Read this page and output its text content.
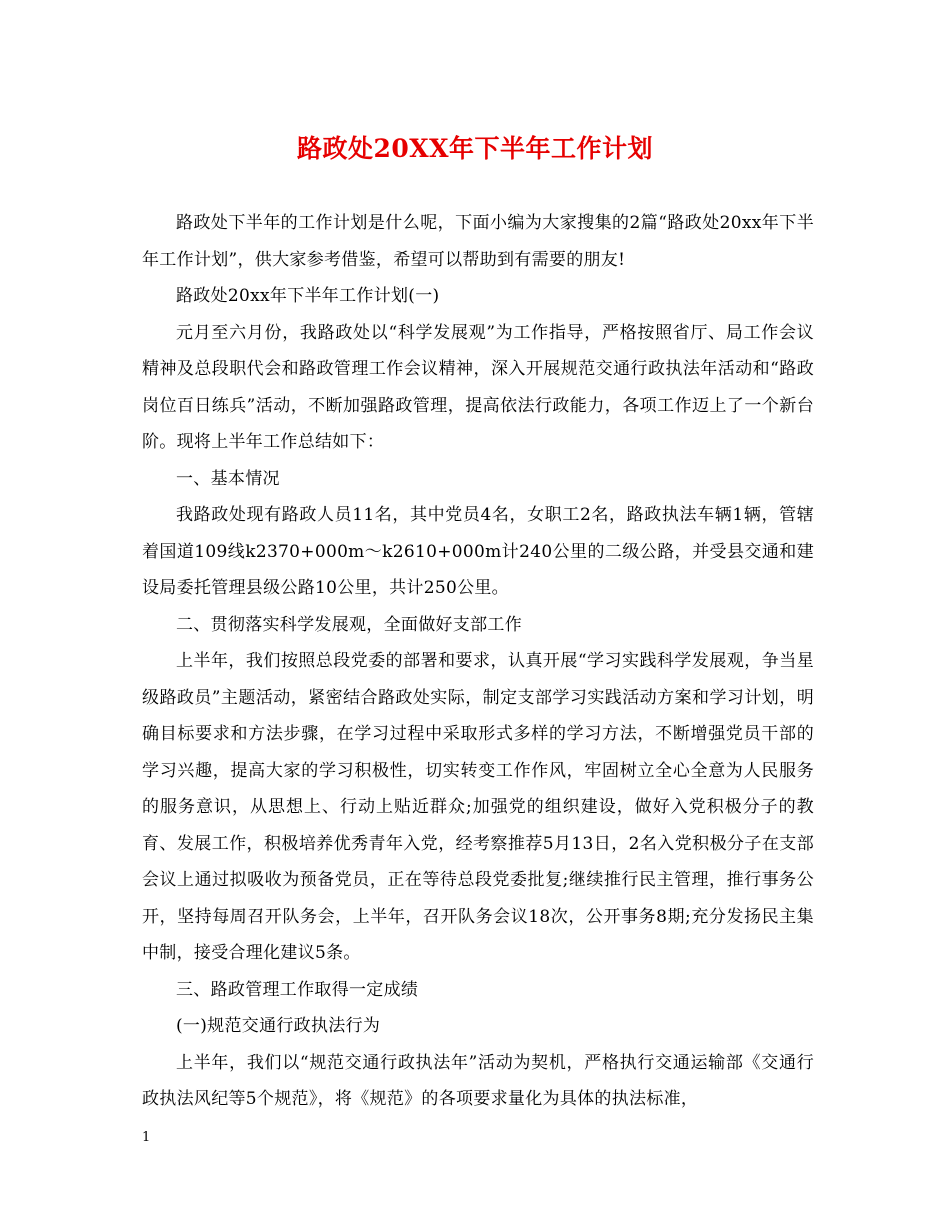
路政处20XX年下半年工作计划

路政处下半年的工作计划是什么呢，下面小编为大家搜集的2篇“路政处20xx年下半年工作计划”，供大家参考借鉴，希望可以帮助到有需要的朋友!

路政处20xx年下半年工作计划(一)

元月至六月份，我路政处以“科学发展观”为工作指导，严格按照省厅、局工作会议精神及总段职代会和路政管理工作会议精神，深入开展规范交通行政执法年活动和“路政岗位百日练兵”活动，不断加强路政管理，提高依法行政能力，各项工作迈上了一个新台阶。现将上半年工作总结如下：

一、基本情况

我路政处现有路政人员11名，其中党员4名，女职工2名，路政执法车辆1辆，管辖着国道109线k2370+000m～k2610+000m计240公里的二级公路，并受县交通和建设局委托管理县级公路10公里，共计250公里。

二、贯彻落实科学发展观，全面做好支部工作

上半年，我们按照总段党委的部署和要求，认真开展“学习实践科学发展观，争当星级路政员”主题活动，紧密结合路政处实际，制定支部学习实践活动方案和学习计划，明确目标要求和方法步骤，在学习过程中采取形式多样的学习方法，不断增强党员干部的学习兴趣，提高大家的学习积极性，切实转变工作作风，牢固树立全心全意为人民服务的服务意识，从思想上、行动上贴近群众;加强党的组织建设，做好入党积极分子的教育、发展工作，积极培养优秀青年入党，经考察推荐5月13日，2名入党积极分子在支部会议上通过拟吸收为预备党员，正在等待总段党委批复;继续推行民主管理，推行事务公开，坚持每周召开队务会，上半年，召开队务会议18次，公开事务8期;充分发扬民主集中制，接受合理化建议5条。

三、路政管理工作取得一定成绩

(一)规范交通行政执法行为

上半年，我们以“规范交通行政执法年”活动为契机，严格执行交通运输部《交通行政执法风纪等5个规范》，将《规范》的各项要求量化为具体的执法标准，

1
